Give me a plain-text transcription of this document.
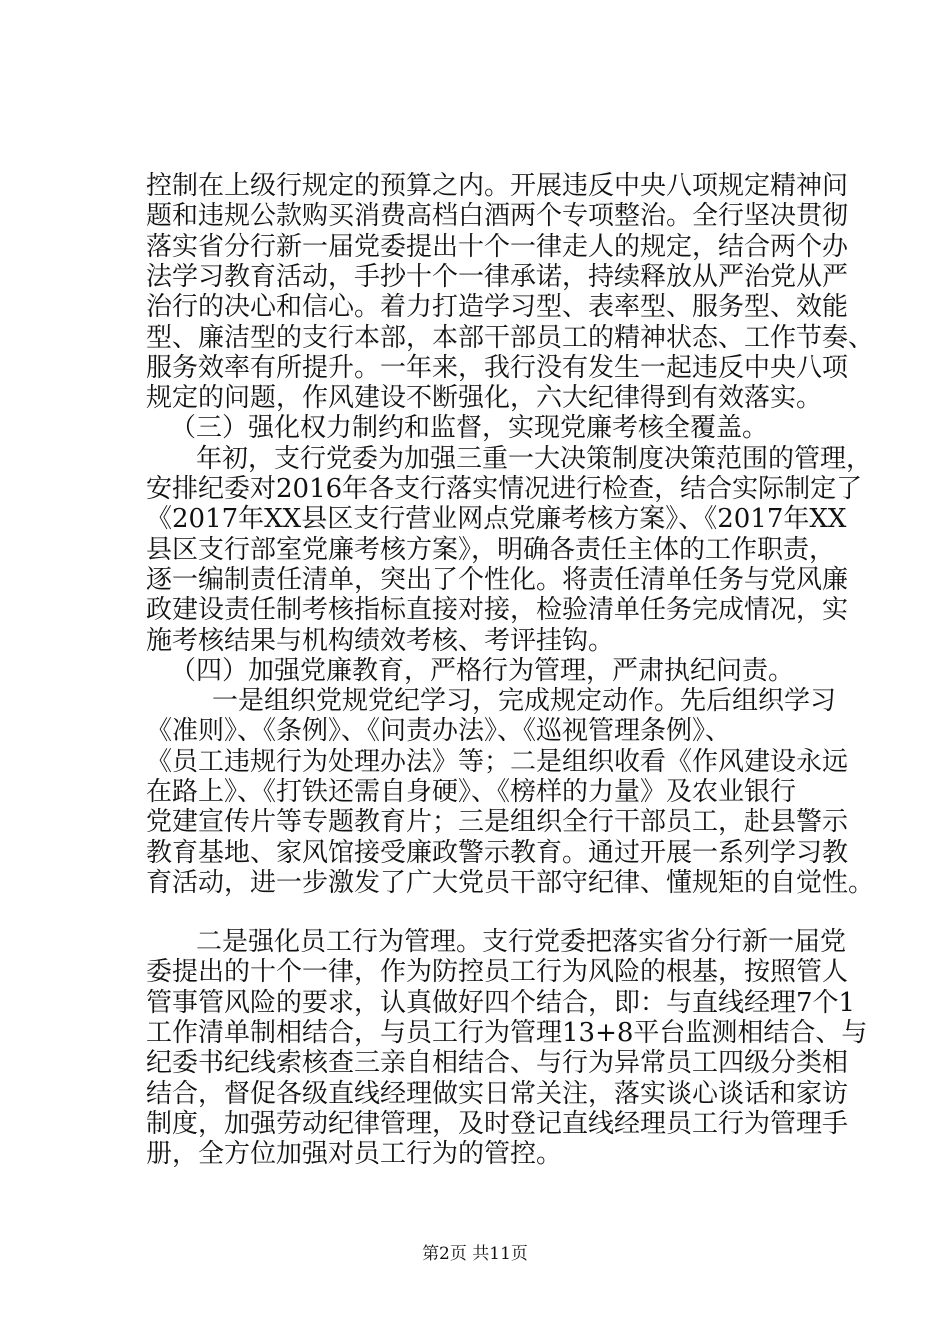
控制在上级行规定的预算之内。开展违反中央八项规定精神问
题和违规公款购买消费高档白酒两个专项整治。全行坚决贯彻
落实省分行新一届党委提出十个一律走人的规定，结合两个办
法学习教育活动，手抄十个一律承诺，持续释放从严治党从严
治行的决心和信心。着力打造学习型、表率型、服务型、效能
型、廉洁型的支行本部，本部干部员工的精神状态、工作节奏、
服务效率有所提升。一年来，我行没有发生一起违反中央八项
规定的问题，作风建设不断强化，六大纪律得到有效落实。
（三）强化权力制约和监督，实现党廉考核全覆盖。
年初，支行党委为加强三重一大决策制度决策范围的管理，
安排纪委对2016年各支行落实情况进行检查，结合实际制定了
《2017年XX县区支行营业网点党廉考核方案》、《2017年XX
县区支行部室党廉考核方案》，明确各责任主体的工作职责，
逐一编制责任清单，突出了个性化。将责任清单任务与党风廉
政建设责任制考核指标直接对接，检验清单任务完成情况，实
施考核结果与机构绩效考核、考评挂钩。
（四）加强党廉教育，严格行为管理，严肃执纪问责。
一是组织党规党纪学习，完成规定动作。先后组织学习
《准则》、《条例》、《问责办法》、《巡视管理条例》、
《员工违规行为处理办法》等；二是组织收看《作风建设永远
在路上》、《打铁还需自身硬》、《榜样的力量》及农业银行
党建宣传片等专题教育片；三是组织全行干部员工，赴县警示
教育基地、家风馆接受廉政警示教育。通过开展一系列学习教
育活动，进一步激发了广大党员干部守纪律、懂规矩的自觉性。
二是强化员工行为管理。支行党委把落实省分行新一届党
委提出的十个一律，作为防控员工行为风险的根基，按照管人
管事管风险的要求，认真做好四个结合，即：与直线经理7个1
工作清单制相结合，与员工行为管理13+8平台监测相结合、与
纪委书纪线索核查三亲自相结合、与行为异常员工四级分类相
结合，督促各级直线经理做实日常关注，落实谈心谈话和家访
制度，加强劳动纪律管理，及时登记直线经理员工行为管理手
册，全方位加强对员工行为的管控。
第2页 共11页
